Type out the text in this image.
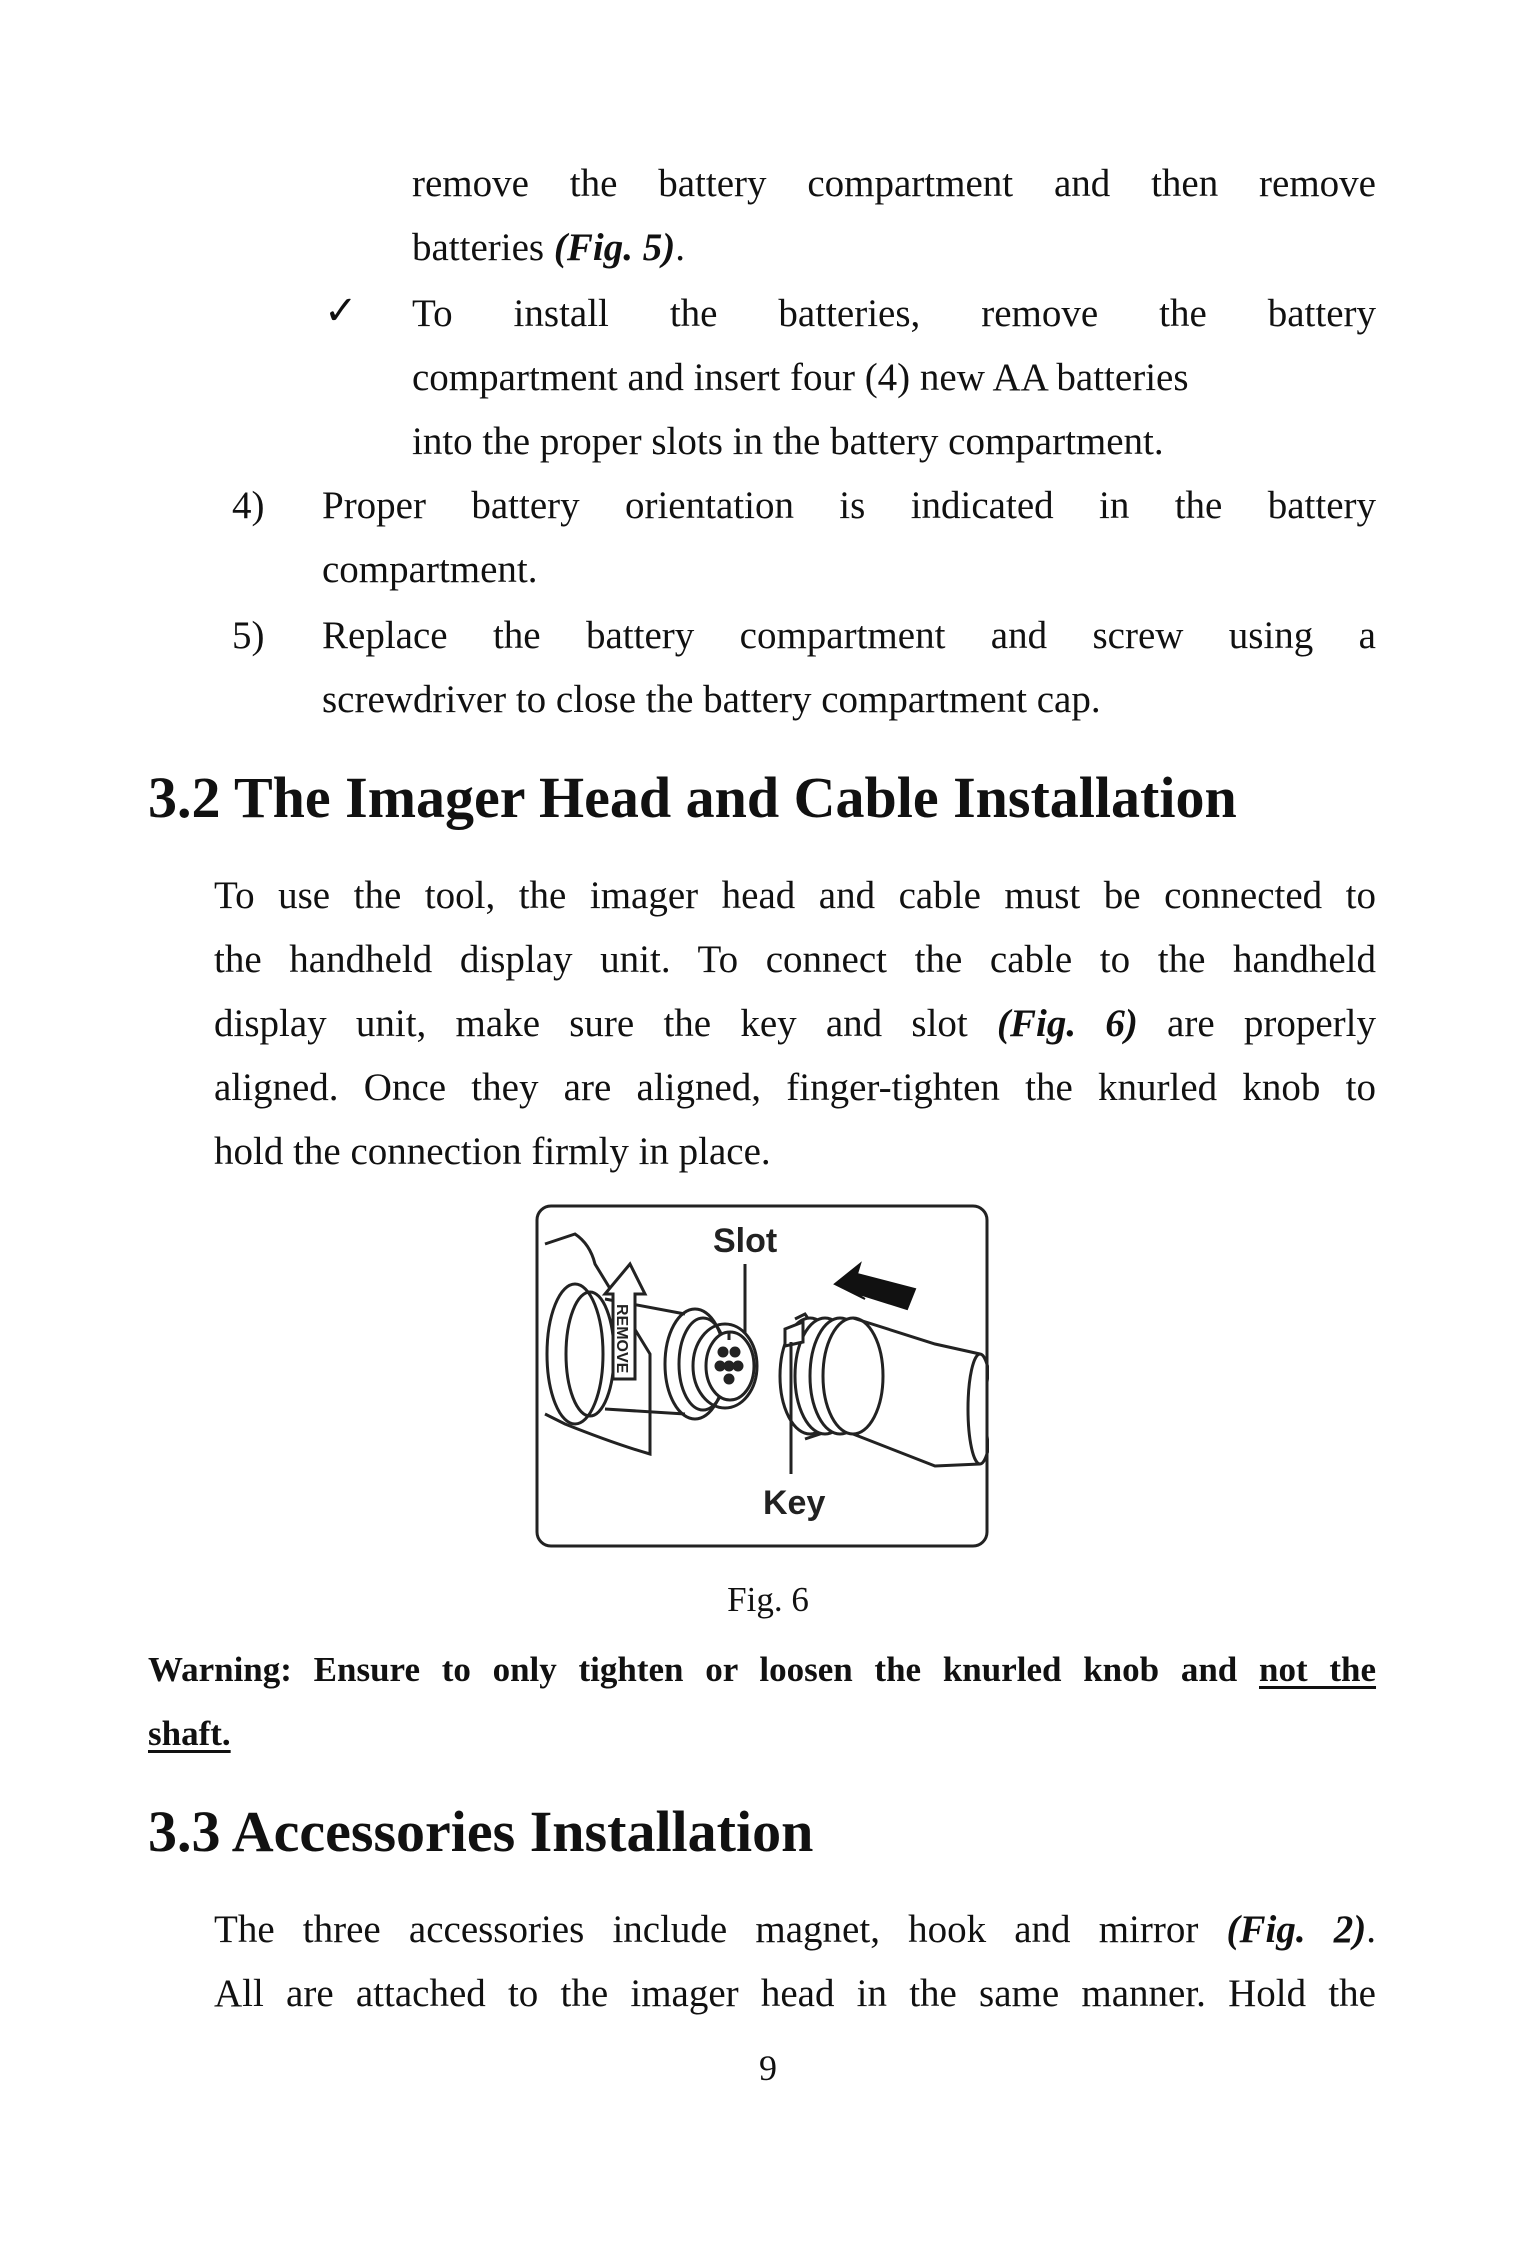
remove the battery compartment and then remove
batteries (Fig. 5).
✓ To install the batteries, remove the battery
compartment and insert four (4) new AA batteries
into the proper slots in the battery compartment.
4) Proper battery orientation is indicated in the battery
compartment.
5) Replace the battery compartment and screw using a
screwdriver to close the battery compartment cap.
3.2 The Imager Head and Cable Installation
To use the tool, the imager head and cable must be connected to
the handheld display unit. To connect the cable to the handheld
display unit, make sure the key and slot (Fig. 6) are properly
aligned. Once they are aligned, finger-tighten the knurled knob to
hold the connection firmly in place.
REMOVE
Slot
Key
Fig. 6
Warning: Ensure to only tighten or loosen the knurled knob and not the
shaft.
3.3 Accessories Installation
The three accessories include magnet, hook and mirror (Fig. 2).
All are attached to the imager head in the same manner. Hold the
9
